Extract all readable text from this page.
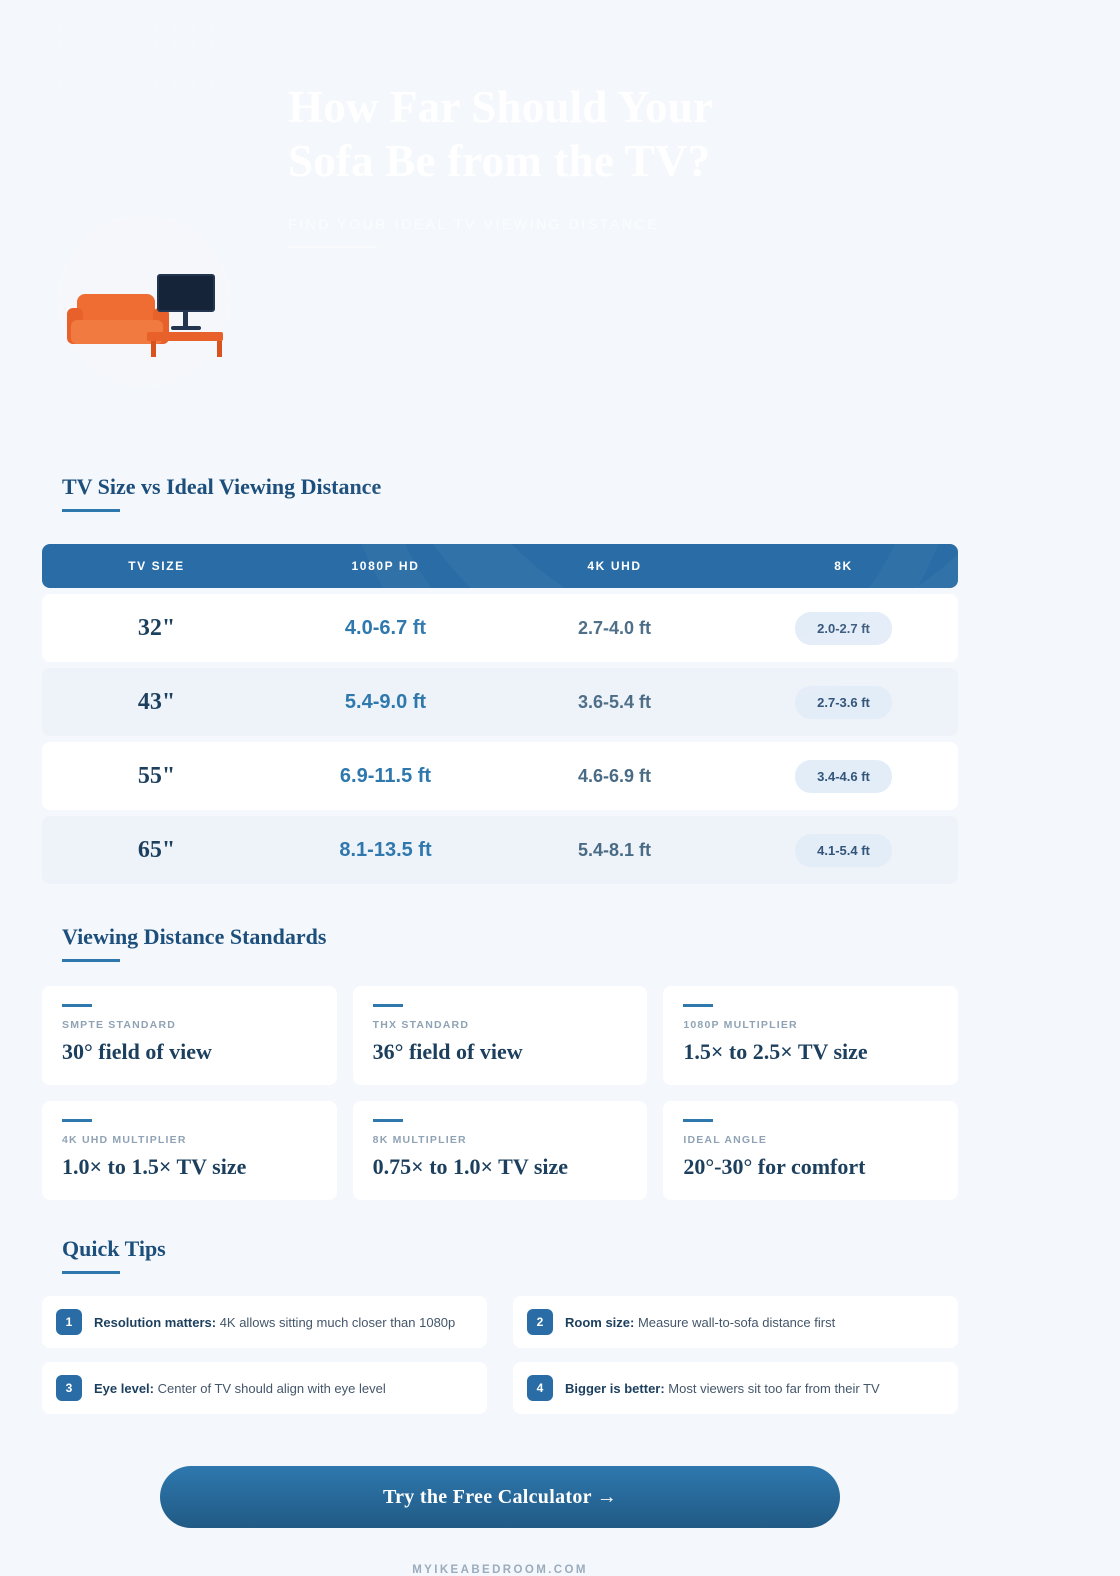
How Far Should Your Sofa Be from the TV?
FIND YOUR IDEAL TV VIEWING DISTANCE
TV Size vs Ideal Viewing Distance
TV SIZE	1080P HD	4K UHD	8K
32"	4.0-6.7 ft	2.7-4.0 ft	2.0-2.7 ft
43"	5.4-9.0 ft	3.6-5.4 ft	2.7-3.6 ft
55"	6.9-11.5 ft	4.6-6.9 ft	3.4-4.6 ft
65"	8.1-13.5 ft	5.4-8.1 ft	4.1-5.4 ft
Viewing Distance Standards
SMPTE STANDARD
30° field of view
THX STANDARD
36° field of view
1080P MULTIPLIER
1.5× to 2.5× TV size
4K UHD MULTIPLIER
1.0× to 1.5× TV size
8K MULTIPLIER
0.75× to 1.0× TV size
IDEAL ANGLE
20°-30° for comfort
Quick Tips
1	Resolution matters: 4K allows sitting much closer than 1080p	2	Room size: Measure wall-to-sofa distance first
3	Eye level: Center of TV should align with eye level	4	Bigger is better: Most viewers sit too far from their TV
Try the Free Calculator →
MYIKEABEDROOM.COM
